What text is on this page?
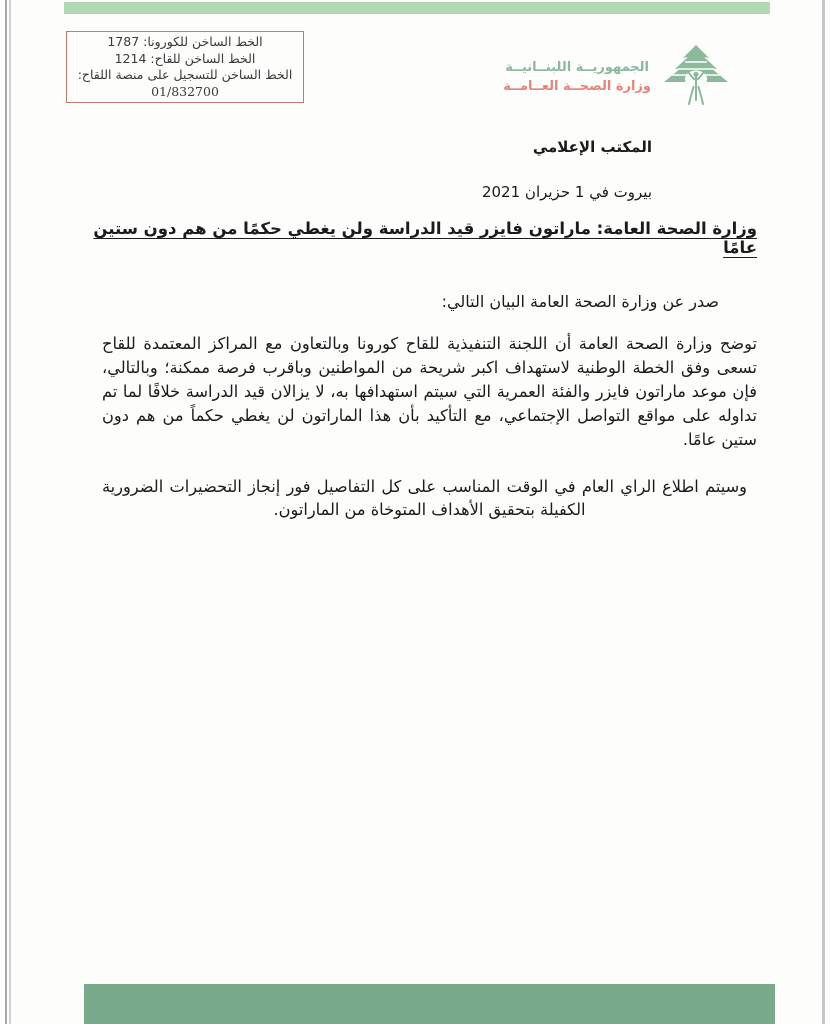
الخط الساخن للكورونا: 1787
الخط الساخن للقاح: 1214
الخط الساخن للتسجيل على منصة اللقاح:
01/832700
الجمهوريــة اللبنــانيــة
وزارة الصحــة العــامــة
المكتب الإعلامي
بيروت في 1 حزيران 2021
وزارة الصحة العامة: ماراتون فايزر قيد الدراسة ولن يغطي حكمًا من هم دون ستين عامًا
صدر عن وزارة الصحة العامة البيان التالي:

توضح وزارة الصحة العامة أن اللجنة التنفيذية للقاح كورونا وبالتعاون مع المراكز المعتمدة للقاح تسعى وفق الخطة الوطنية لاستهداف اكبر شريحة من المواطنين وباقرب فرصة ممكنة؛ وبالتالي، فإن موعد ماراتون فايزر والفئة العمرية التي سيتم استهدافها به، لا يزالان قيد الدراسة خلافًا لما تم تداوله على مواقع التواصل الإجتماعي، مع التأكيد بأن هذا الماراتون لن يغطي حكماً من هم دون ستين عامًا.

وسيتم اطلاع الراي العام في الوقت المناسب على كل التفاصيل فور إنجاز التحضيرات الضرورية الكفيلة بتحقيق الأهداف المتوخاة من الماراتون.
